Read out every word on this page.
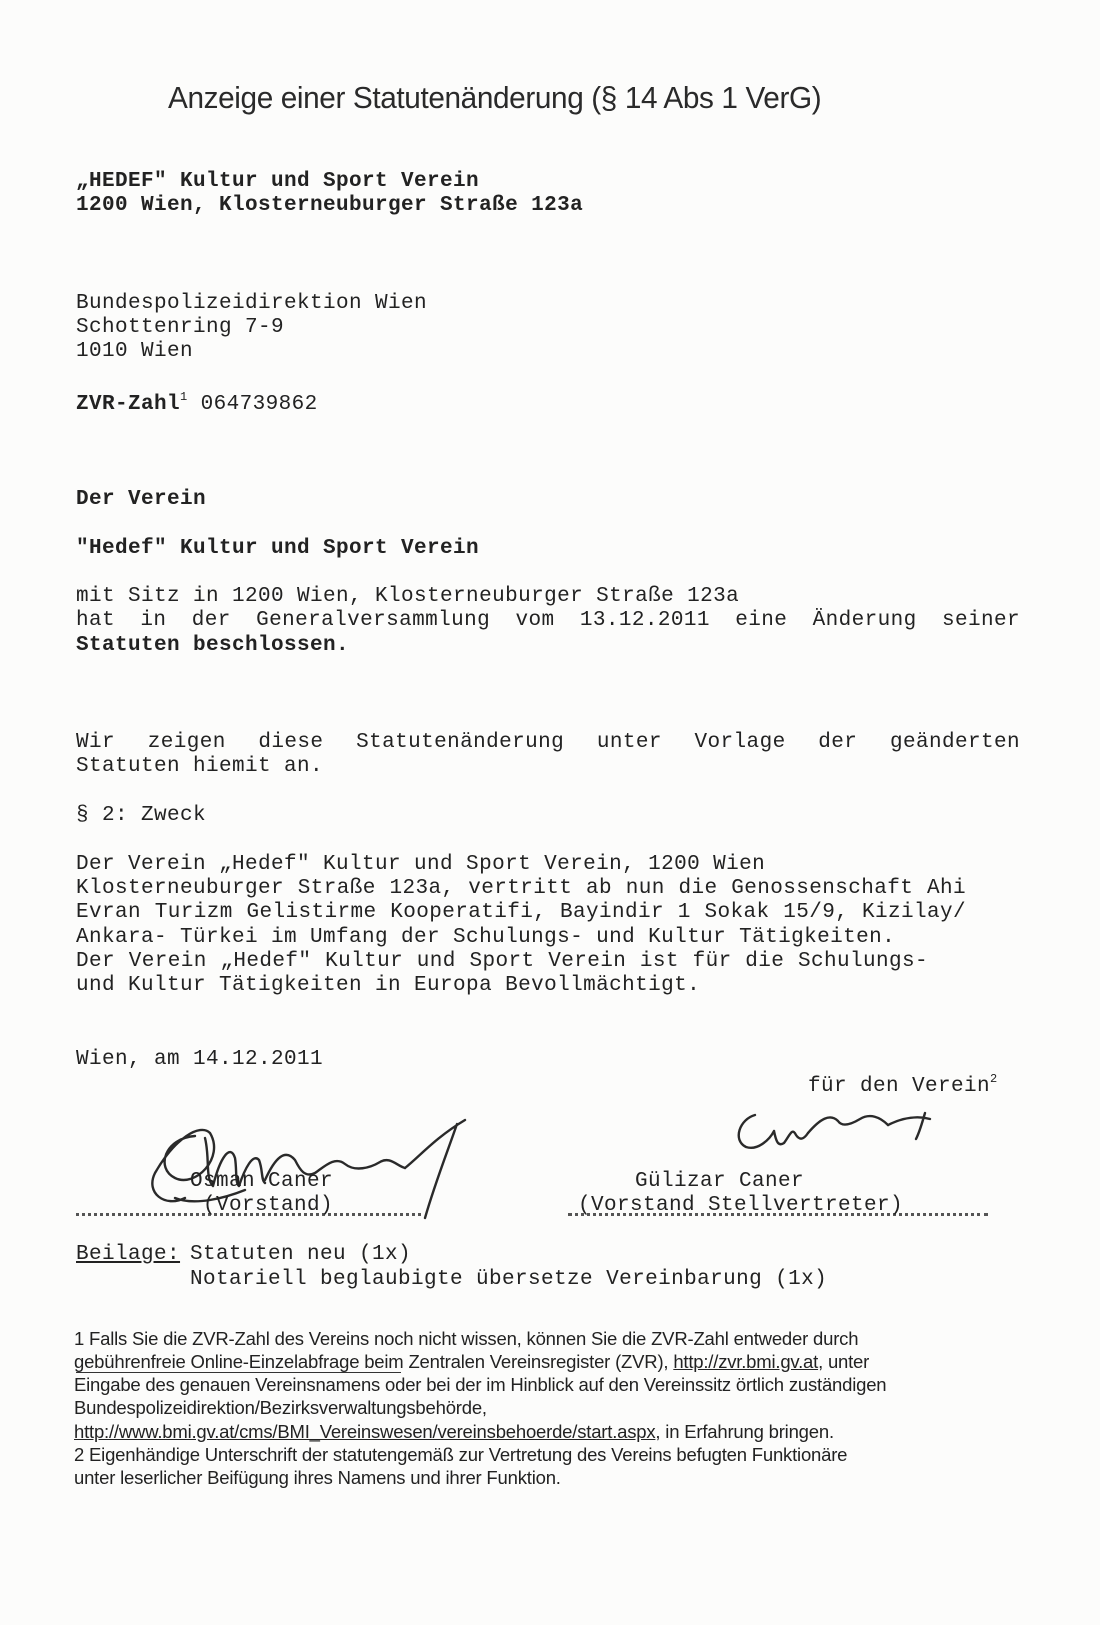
Anzeige einer Statutenänderung (§ 14 Abs 1 VerG)
„HEDEF" Kultur und Sport Verein
1200 Wien, Klosterneuburger Straße 123a
Bundespolizeidirektion Wien
Schottenring 7-9
1010 Wien
ZVR-Zahl$^1$ 064739862
Der Verein
"Hedef" Kultur und Sport Verein
mit Sitz in 1200 Wien, Klosterneuburger Straße 123a
hat in der Generalversammlung vom 13.12.2011 eine Änderung seiner
Statuten beschlossen.
Wir zeigen diese Statutenänderung unter Vorlage der geänderten
Statuten hiemit an.
§ 2: Zweck
Der Verein „Hedef" Kultur und Sport Verein, 1200 Wien
Klosterneuburger Straße 123a, vertritt ab nun die Genossenschaft Ahi
Evran Turizm Gelistirme Kooperatifi, Bayindir 1 Sokak 15/9, Kizilay/
Ankara- Türkei im Umfang der Schulungs- und Kultur Tätigkeiten.
Der Verein „Hedef" Kultur und Sport Verein ist für die Schulungs-
und Kultur Tätigkeiten in Europa Bevollmächtigt.
Wien, am 14.12.2011
für den Verein$^2$
Osman Caner
(Vorstand)
Gülizar Caner
(Vorstand Stellvertreter)
Beilage: Statuten neu (1x)
Notariell beglaubigte übersetze Vereinbarung (1x)
1 Falls Sie die ZVR-Zahl des Vereins noch nicht wissen, können Sie die ZVR-Zahl entweder durch
gebührenfreie Online-Einzelabfrage beim Zentralen Vereinsregister (ZVR), http://zvr.bmi.gv.at, unter
Eingabe des genauen Vereinsnamens oder bei der im Hinblick auf den Vereinssitz örtlich zuständigen
Bundespolizeidirektion/Bezirksverwaltungsbehörde,
http://www.bmi.gv.at/cms/BMI_Vereinswesen/vereinsbehoerde/start.aspx, in Erfahrung bringen.
2 Eigenhändige Unterschrift der statutengemäß zur Vertretung des Vereins befugten Funktionäre
unter leserlicher Beifügung ihres Namens und ihrer Funktion.
